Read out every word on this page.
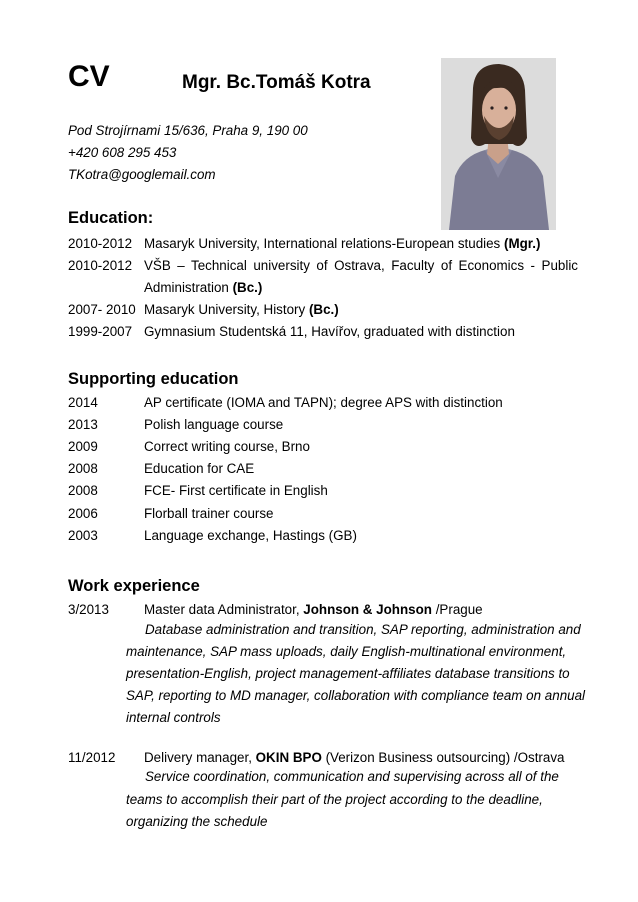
CV	Mgr. Bc.Tomáš Kotra
Pod Strojírnami 15/636, Praha 9, 190 00
+420 608 295 453
TKotra@googlemail.com
Education:
2010-2012 Masaryk University, International relations-European studies (Mgr.)
2010-2012 VŠB – Technical university of Ostrava, Faculty of Economics - Public
Administration (Bc.)
2007- 2010 Masaryk University, History (Bc.)
1999-2007 Gymnasium Studentská 11, Havířov, graduated with distinction
Supporting education
2014	AP certificate (IOMA and TAPN); degree APS with distinction
2013	Polish language course
2009	Correct writing course, Brno
2008	Education for CAE
2008	FCE- First certificate in English
2006	Florball trainer course
2003	Language exchange, Hastings (GB)
Work experience
3/2013	Master data Administrator, Johnson & Johnson /Prague
Database administration and transition, SAP reporting, administration and
maintenance, SAP mass uploads, daily English-multinational environment,
presentation-English, project management-affiliates database transitions to
SAP, reporting to MD manager, collaboration with compliance team on annual
internal controls
11/2012 Delivery manager, OKIN BPO (Verizon Business outsourcing) /Ostrava
Service coordination, communication and supervising across all of the
teams to accomplish their part of the project according to the deadline,
organizing the schedule
